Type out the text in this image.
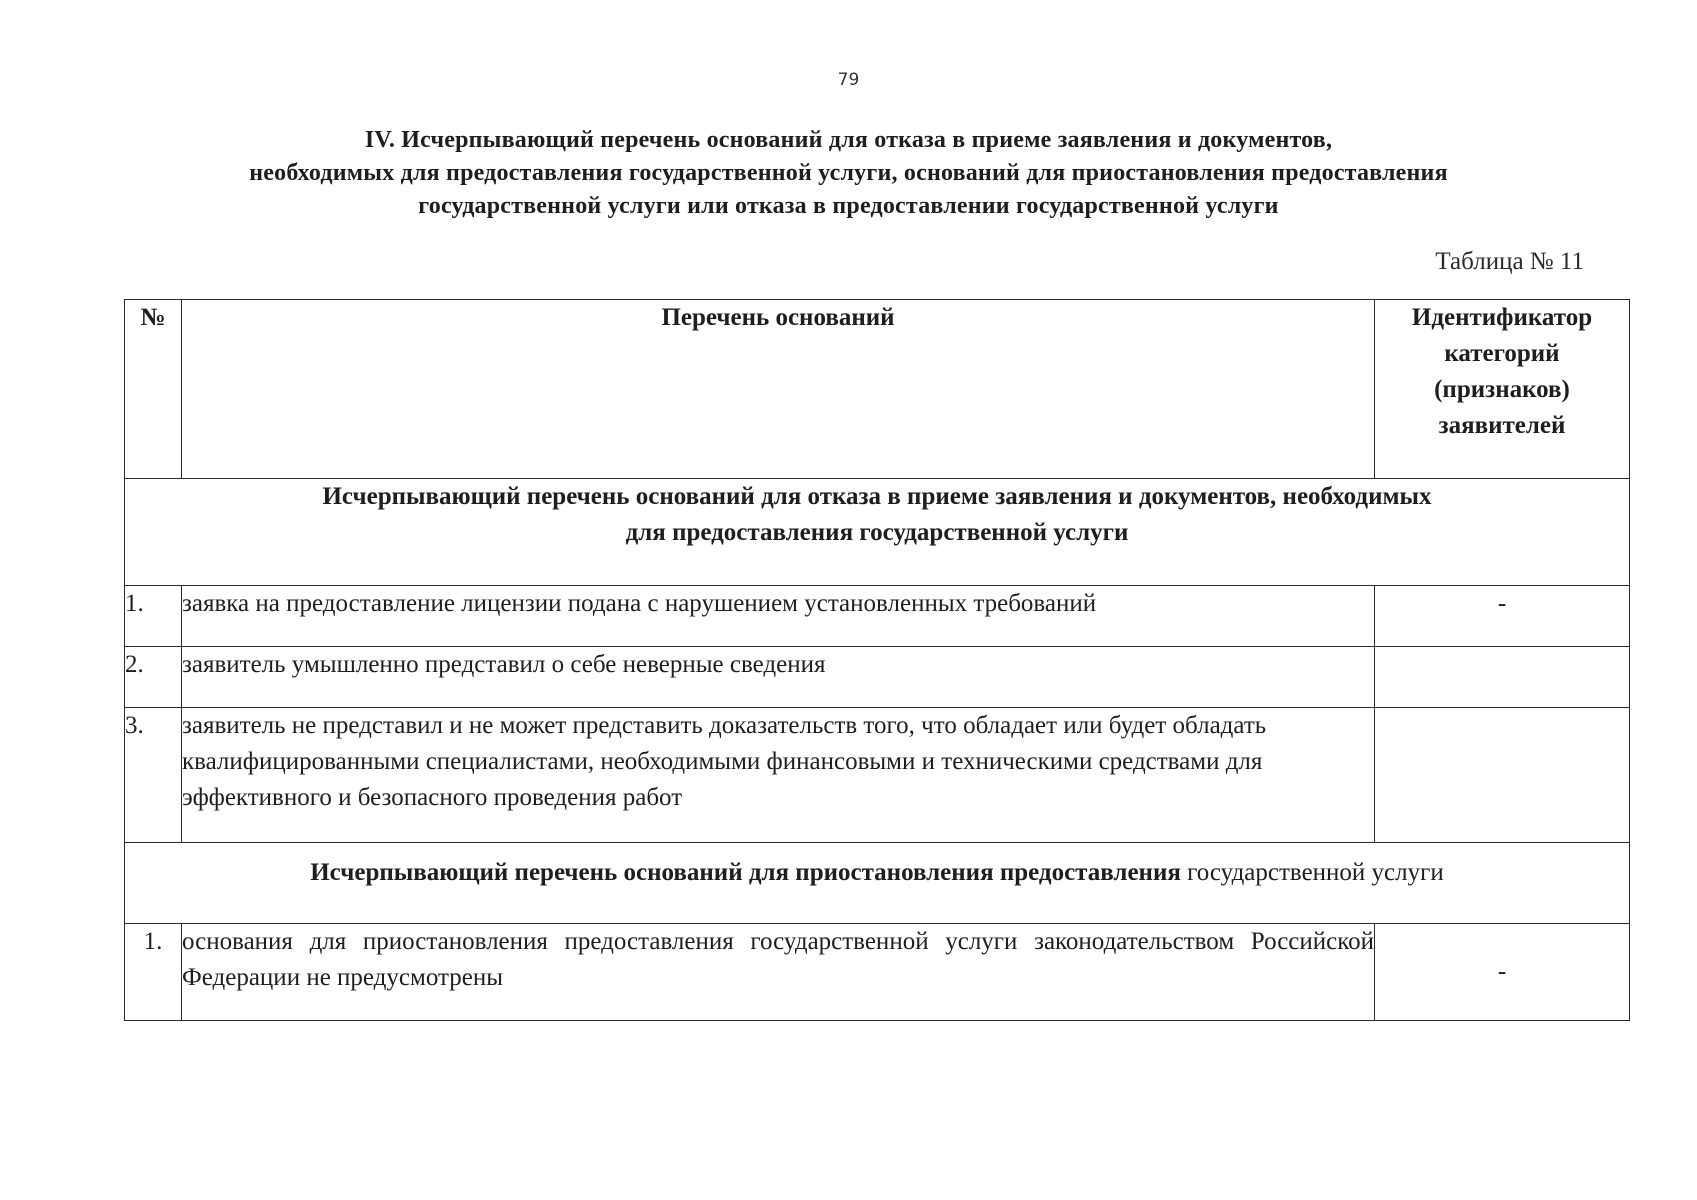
79
IV. Исчерпывающий перечень оснований для отказа в приеме заявления и документов,
необходимых для предоставления государственной услуги, оснований для приостановления предоставления
государственной услуги или отказа в предоставлении государственной услуги
Таблица № 11
№	Перечень оснований	Идентификатор
категорий
(признаков)
заявителей

Исчерпывающий перечень оснований для отказа в приеме заявления и документов, необходимых
для предоставления государственной услуги		

1.	заявка на предоставление лицензии подана с нарушением установленных требований	-
2.	заявитель умышленно представил о себе неверные сведения	
3.	заявитель не представил и не может представить доказательств того, что обладает или будет обладать квалифицированными специалистами, необходимыми финансовыми и техническими средствами для эффективного и безопасного проведения работ	
Исчерпывающий перечень оснований для приостановления предоставления государственной услуги		
1.	основания для приостановления предоставления государственной услуги законодательством Российской Федерации не предусмотрены	-
